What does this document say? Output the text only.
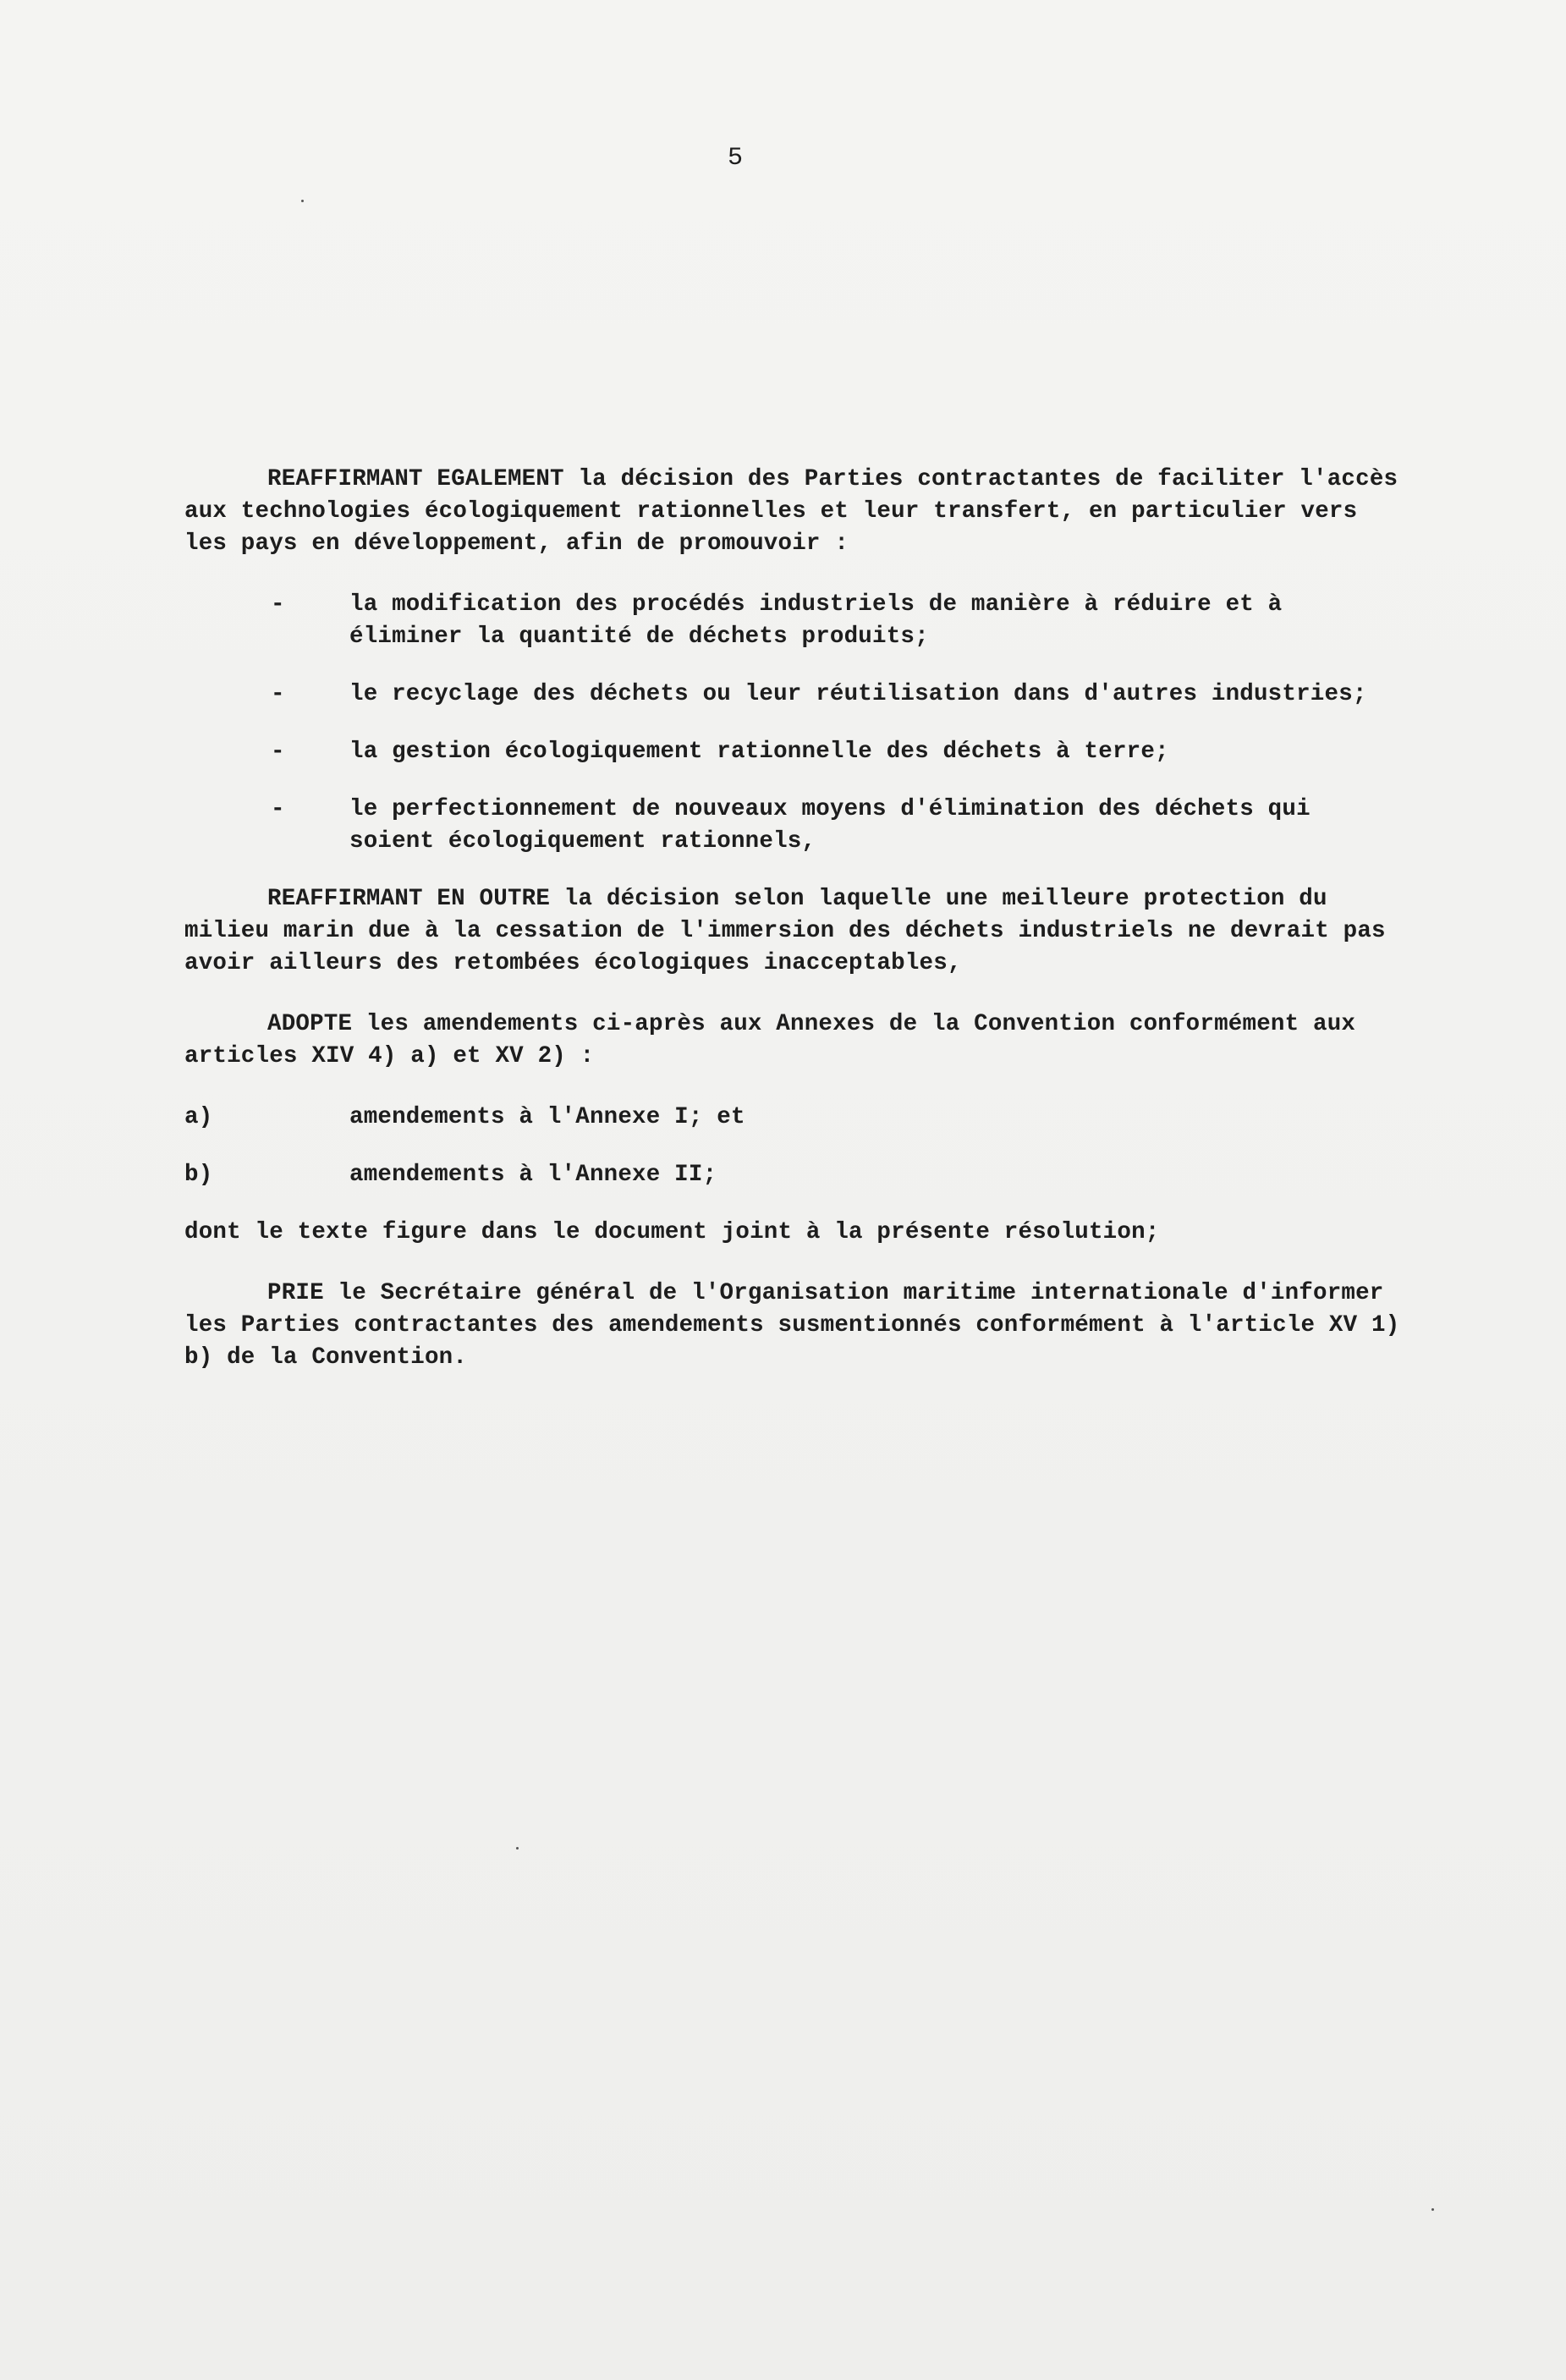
5

REAFFIRMANT EGALEMENT la décision des Parties contractantes de faciliter l'accès aux technologies écologiquement rationnelles et leur transfert, en particulier vers les pays en développement, afin de promouvoir :

-	la modification des procédés industriels de manière à réduire et à éliminer la quantité de déchets produits;
-	le recyclage des déchets ou leur réutilisation dans d'autres industries;
-	la gestion écologiquement rationnelle des déchets à terre;
-	le perfectionnement de nouveaux moyens d'élimination des déchets qui soient écologiquement rationnels,

REAFFIRMANT EN OUTRE la décision selon laquelle une meilleure protection du milieu marin due à la cessation de l'immersion des déchets industriels ne devrait pas avoir ailleurs des retombées écologiques inacceptables,

ADOPTE les amendements ci-après aux Annexes de la Convention conformément aux articles XIV 4) a) et XV 2) :

a)	amendements à l'Annexe I; et
b)	amendements à l'Annexe II;

dont le texte figure dans le document joint à la présente résolution;

PRIE le Secrétaire général de l'Organisation maritime internationale d'informer les Parties contractantes des amendements susmentionnés conformément à l'article XV 1) b) de la Convention.
